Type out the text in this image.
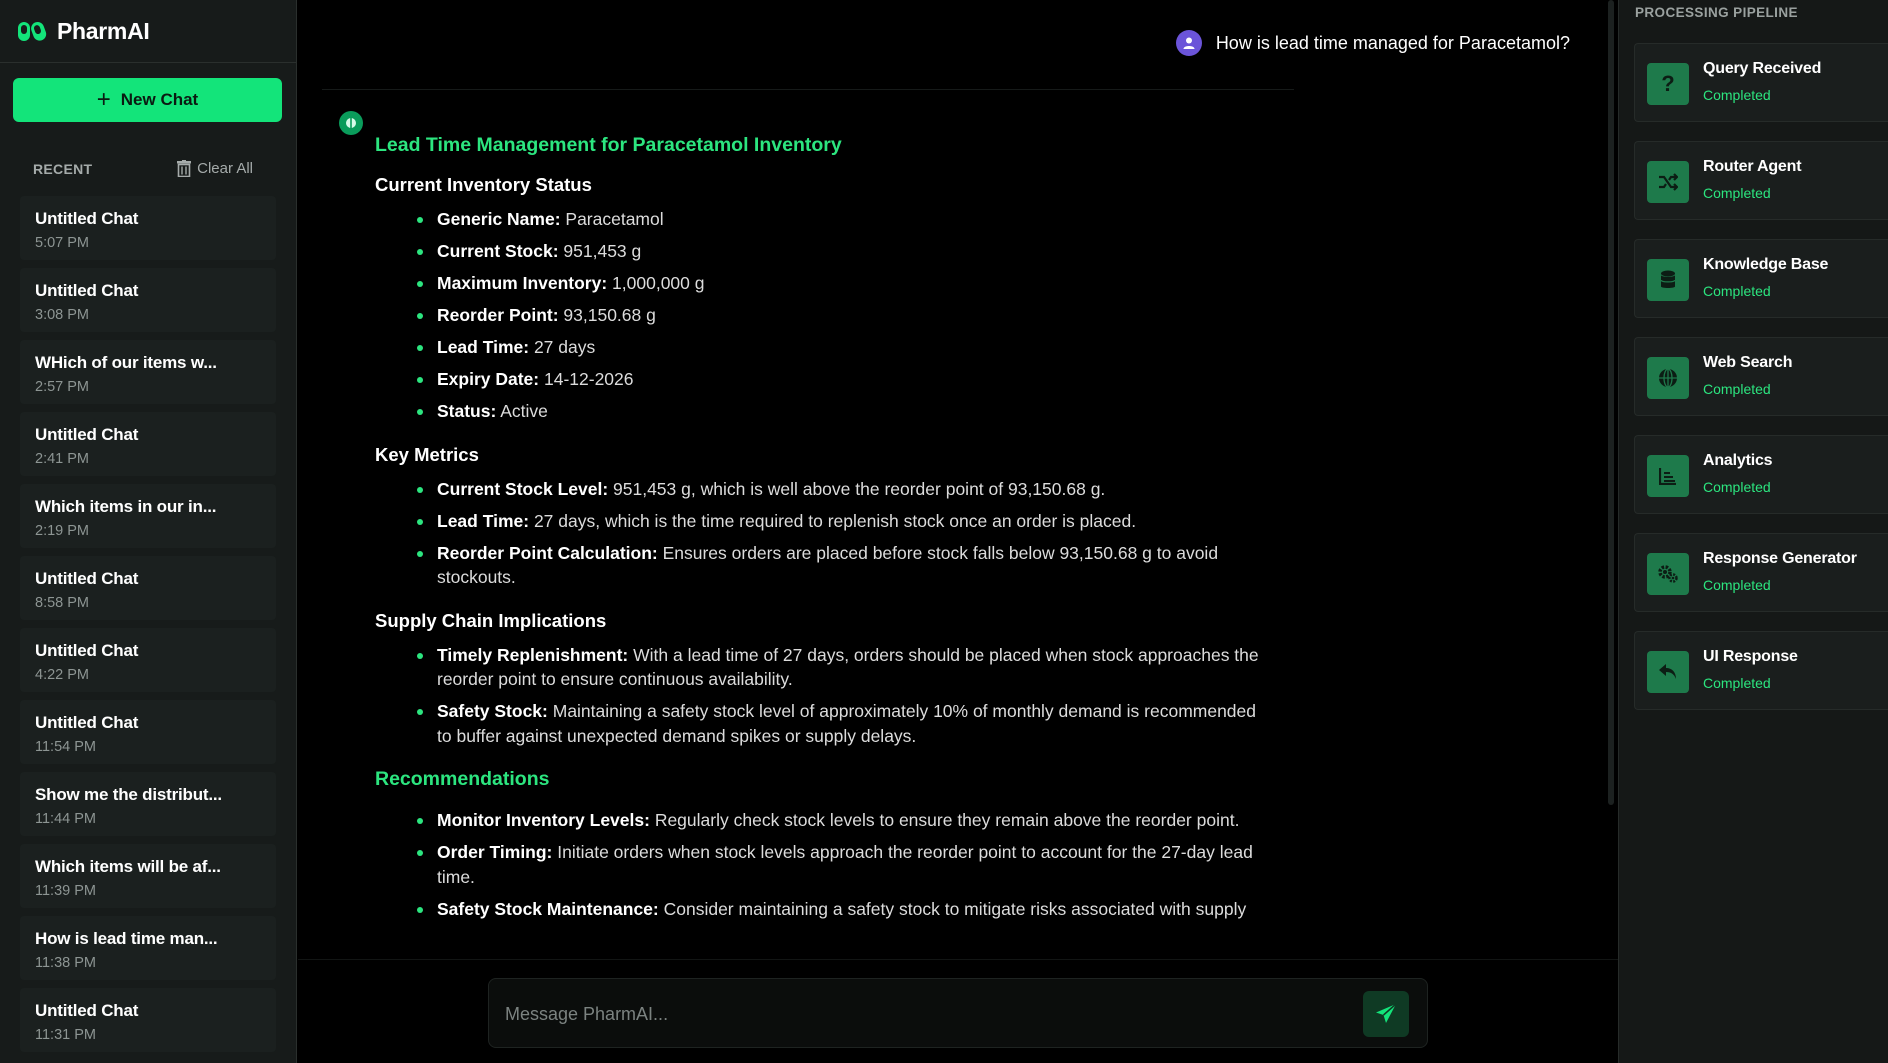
PharmAI
+ New Chat
RECENT	Clear All
Untitled Chat
5:07 PM
Untitled Chat
3:08 PM
WHich of our items w...
2:57 PM
Untitled Chat
2:41 PM
Which items in our in...
2:19 PM
Untitled Chat
8:58 PM
Untitled Chat
4:22 PM
Untitled Chat
11:54 PM
Show me the distribut...
11:44 PM
Which items will be af...
11:39 PM
How is lead time man...
11:38 PM
Untitled Chat
11:31 PM
How is lead time managed for Paracetamol?
Lead Time Management for Paracetamol Inventory
Current Inventory Status
Generic Name: Paracetamol
Current Stock: 951,453 g
Maximum Inventory: 1,000,000 g
Reorder Point: 93,150.68 g
Lead Time: 27 days
Expiry Date: 14-12-2026
Status: Active
Key Metrics
Current Stock Level: 951,453 g, which is well above the reorder point of 93,150.68 g.
Lead Time: 27 days, which is the time required to replenish stock once an order is placed.
Reorder Point Calculation: Ensures orders are placed before stock falls below 93,150.68 g to avoid stockouts.
Supply Chain Implications
Timely Replenishment: With a lead time of 27 days, orders should be placed when stock approaches the reorder point to ensure continuous availability.
Safety Stock: Maintaining a safety stock level of approximately 10% of monthly demand is recommended to buffer against unexpected demand spikes or supply delays.
Recommendations
Monitor Inventory Levels: Regularly check stock levels to ensure they remain above the reorder point.
Order Timing: Initiate orders when stock levels approach the reorder point to account for the 27-day lead time.
Safety Stock Maintenance: Consider maintaining a safety stock to mitigate risks associated with supply
Message PharmAI...
PROCESSING PIPELINE
?
Query Received
Completed
Router Agent
Completed
Knowledge Base
Completed
Web Search
Completed
Analytics
Completed
Response Generator
Completed
UI Response
Completed
